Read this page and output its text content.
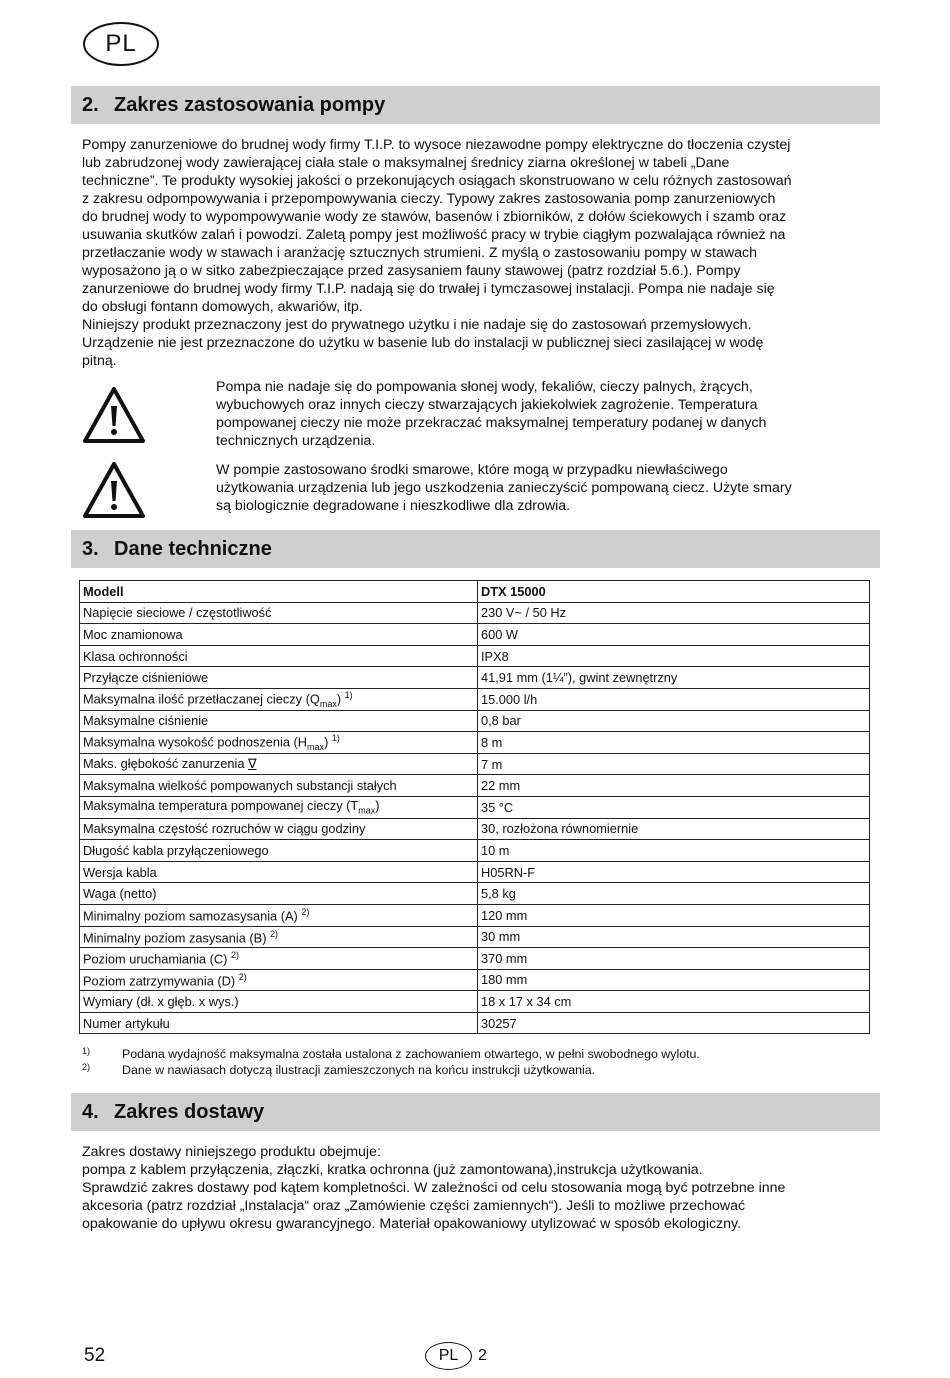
PL
2. Zakres zastosowania pompy

Pompy zanurzeniowe do brudnej wody firmy T.I.P. to wysoce niezawodne pompy elektryczne do tłoczenia czystej

lub zabrudzonej wody zawierającej ciała stale o maksymalnej średnicy ziarna określonej w tabeli „Dane

techniczne”. Te produkty wysokiej jakości o przekonujących osiągach skonstruowano w celu różnych zastosowań

z zakresu odpompowywania i przepompowywania cieczy. Typowy zakres zastosowania pomp zanurzeniowych

do brudnej wody to wypompowywanie wody ze stawów, basenów i zbiorników, z dołów ściekowych i szamb oraz

usuwania skutków zalań i powodzi. Zaletą pompy jest możliwość pracy w trybie ciągłym pozwalająca również na

przetłaczanie wody w stawach i aranżację sztucznych strumieni. Z myślą o zastosowaniu pompy w stawach

wyposażono ją o w sitko zabezpieczające przed zasysaniem fauny stawowej (patrz rozdział 5.6.). Pompy

zanurzeniowe do brudnej wody firmy T.I.P. nadają się do trwałej i tymczasowej instalacji. Pompa nie nadaje się

do obsługi fontann domowych, akwariów, itp.

Niniejszy produkt przeznaczony jest do prywatnego użytku i nie nadaje się do zastosowań przemysłowych.

Urządzenie nie jest przeznaczone do użytku w basenie lub do instalacji w publicznej sieci zasilającej w wodę

pitną.

Pompa nie nadaje się do pompowania słonej wody, fekaliów, cieczy palnych, żrących,

wybuchowych oraz innych cieczy stwarzających jakiekolwiek zagrożenie. Temperatura

pompowanej cieczy nie może przekraczać maksymalnej temperatury podanej w danych

technicznych urządzenia.

W pompie zastosowano środki smarowe, które mogą w przypadku niewłaściwego

użytkowania urządzenia lub jego uszkodzenia zanieczyścić pompowaną ciecz. Użyte smary

są biologicznie degradowane i nieszkodliwe dla zdrowia.

3. Dane techniczne
Modell	DTX 15000
Napięcie sieciowe / częstotliwość	230 V~ / 50 Hz
Moc znamionowa	600 W
Klasa ochronności	IPX8
Przyłącze ciśnieniowe	41,91 mm (1¼”), gwint zewnętrzny
Maksymalna ilość przetłaczanej cieczy $(Q_{max})$ $^{1)}$	15.000 l/h
Maksymalne ciśnienie	0,8 bar
Maksymalna wysokość podnoszenia $(H_{max})$ $^{1)}$	8 m
Maks. głębokość zanurzenia ∇	7 m
Maksymalna wielkość pompowanych substancji stałych	22 mm
Maksymalna temperatura pompowanej cieczy $(T_{max})$	35 °C
Maksymalna częstość rozruchów w ciągu godziny	30, rozłożona równomiernie
Długość kabla przyłączeniowego	10 m
Wersja kabla	H05RN-F
Waga (netto)	5,8 kg
Minimalny poziom samozasysania (A) $^{2)}$	120 mm
Minimalny poziom zasysania (B) $^{2)}$	30 mm
Poziom uruchamiania (C) $^{2)}$	370 mm
Poziom zatrzymywania (D) $^{2)}$	180 mm
Wymiary (dł. x głęb. x wys.)	18 x 17 x 34 cm
Numer artykułu	30257
1)	Podana wydajność maksymalna została ustalona z zachowaniem otwartego, w pełni swobodnego wylotu.
2)	Dane w nawiasach dotyczą ilustracji zamieszczonych na końcu instrukcji użytkowania.
4. Zakres dostawy

Zakres dostawy niniejszego produktu obejmuje:

pompa z kablem przyłączenia, złączki, kratka ochronna (już zamontowana),instrukcja użytkowania.

Sprawdzić zakres dostawy pod kątem kompletności. W zależności od celu stosowania mogą być potrzebne inne

akcesoria (patrz rozdział „Instalacja“ oraz „Zamówienie części zamiennych“). Jeśli to możliwe przechować

opakowanie do upływu okresu gwarancyjnego. Materiał opakowaniowy utylizować w sposób ekologiczny.

52	PL	2
